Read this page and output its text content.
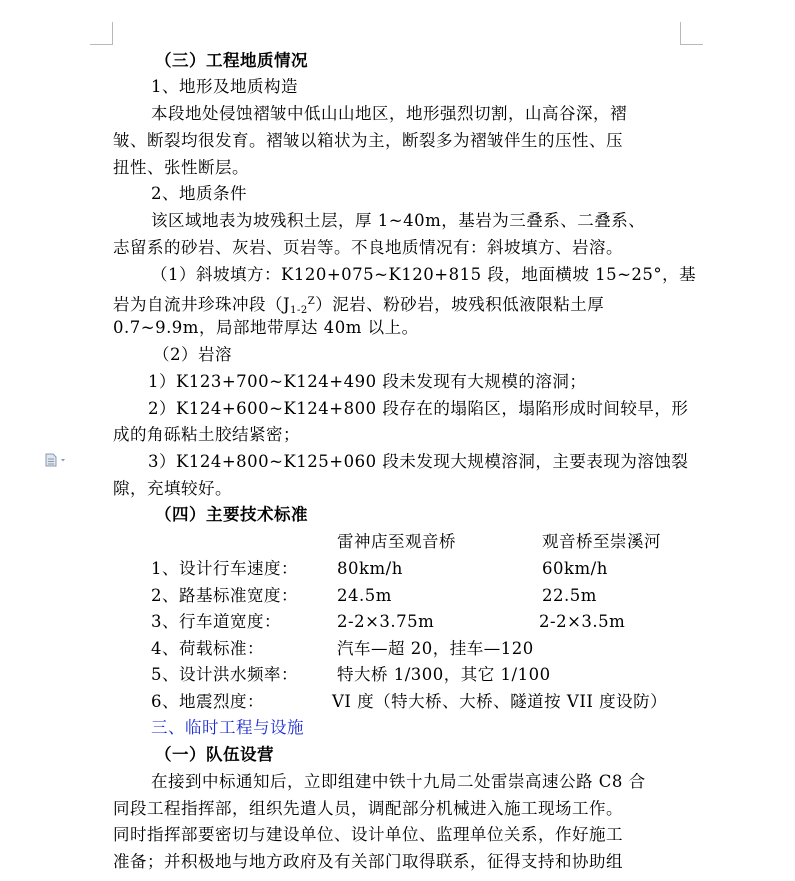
（三）工程地质情况
1、地形及地质构造
本段地处侵蚀褶皱中低山山地区，地形强烈切割，山高谷深，褶
皱、断裂均很发育。褶皱以箱状为主，断裂多为褶皱伴生的压性、压
扭性、张性断层。
2、地质条件
该区域地表为坡残积土层，厚 1~40m，基岩为三叠系、二叠系、
志留系的砂岩、灰岩、页岩等。不良地质情况有：斜坡填方、岩溶。
（1）斜坡填方：K120+075~K120+815 段，地面横坡 15~25°，基
岩为自流井珍珠冲段$(J_{1-2}^Z)$泥岩、粉砂岩，坡残积低液限粘土厚
0.7~9.9m，局部地带厚达 40m 以上。
（2）岩溶
1）K123+700~K124+490 段未发现有大规模的溶洞；
2）K124+600~K124+800 段存在的塌陷区，塌陷形成时间较早，形
成的角砾粘土胶结紧密；
3）K124+800~K125+060 段未发现大规模溶洞，主要表现为溶蚀裂
隙，充填较好。
（四）主要技术标准
雷神店至观音桥	观音桥至崇溪河
1、设计行车速度： 80km/h	60km/h
2、路基标准宽度： 24.5m	22.5m
3、行车道宽度：	2-2×3.75m	2-2×3.5m
4、荷载标准：	汽车—超 20，挂车—120
5、设计洪水频率： 特大桥 1/300，其它 1/100
6、地震烈度：	VI 度（特大桥、大桥、隧道按 VII 度设防）
三、临时工程与设施
（一）队伍设营
在接到中标通知后，立即组建中铁十九局二处雷崇高速公路 C8 合
同段工程指挥部，组织先遣人员，调配部分机械进入施工现场工作。
同时指挥部要密切与建设单位、设计单位、监理单位关系，作好施工
准备；并积极地与地方政府及有关部门取得联系，征得支持和协助组
